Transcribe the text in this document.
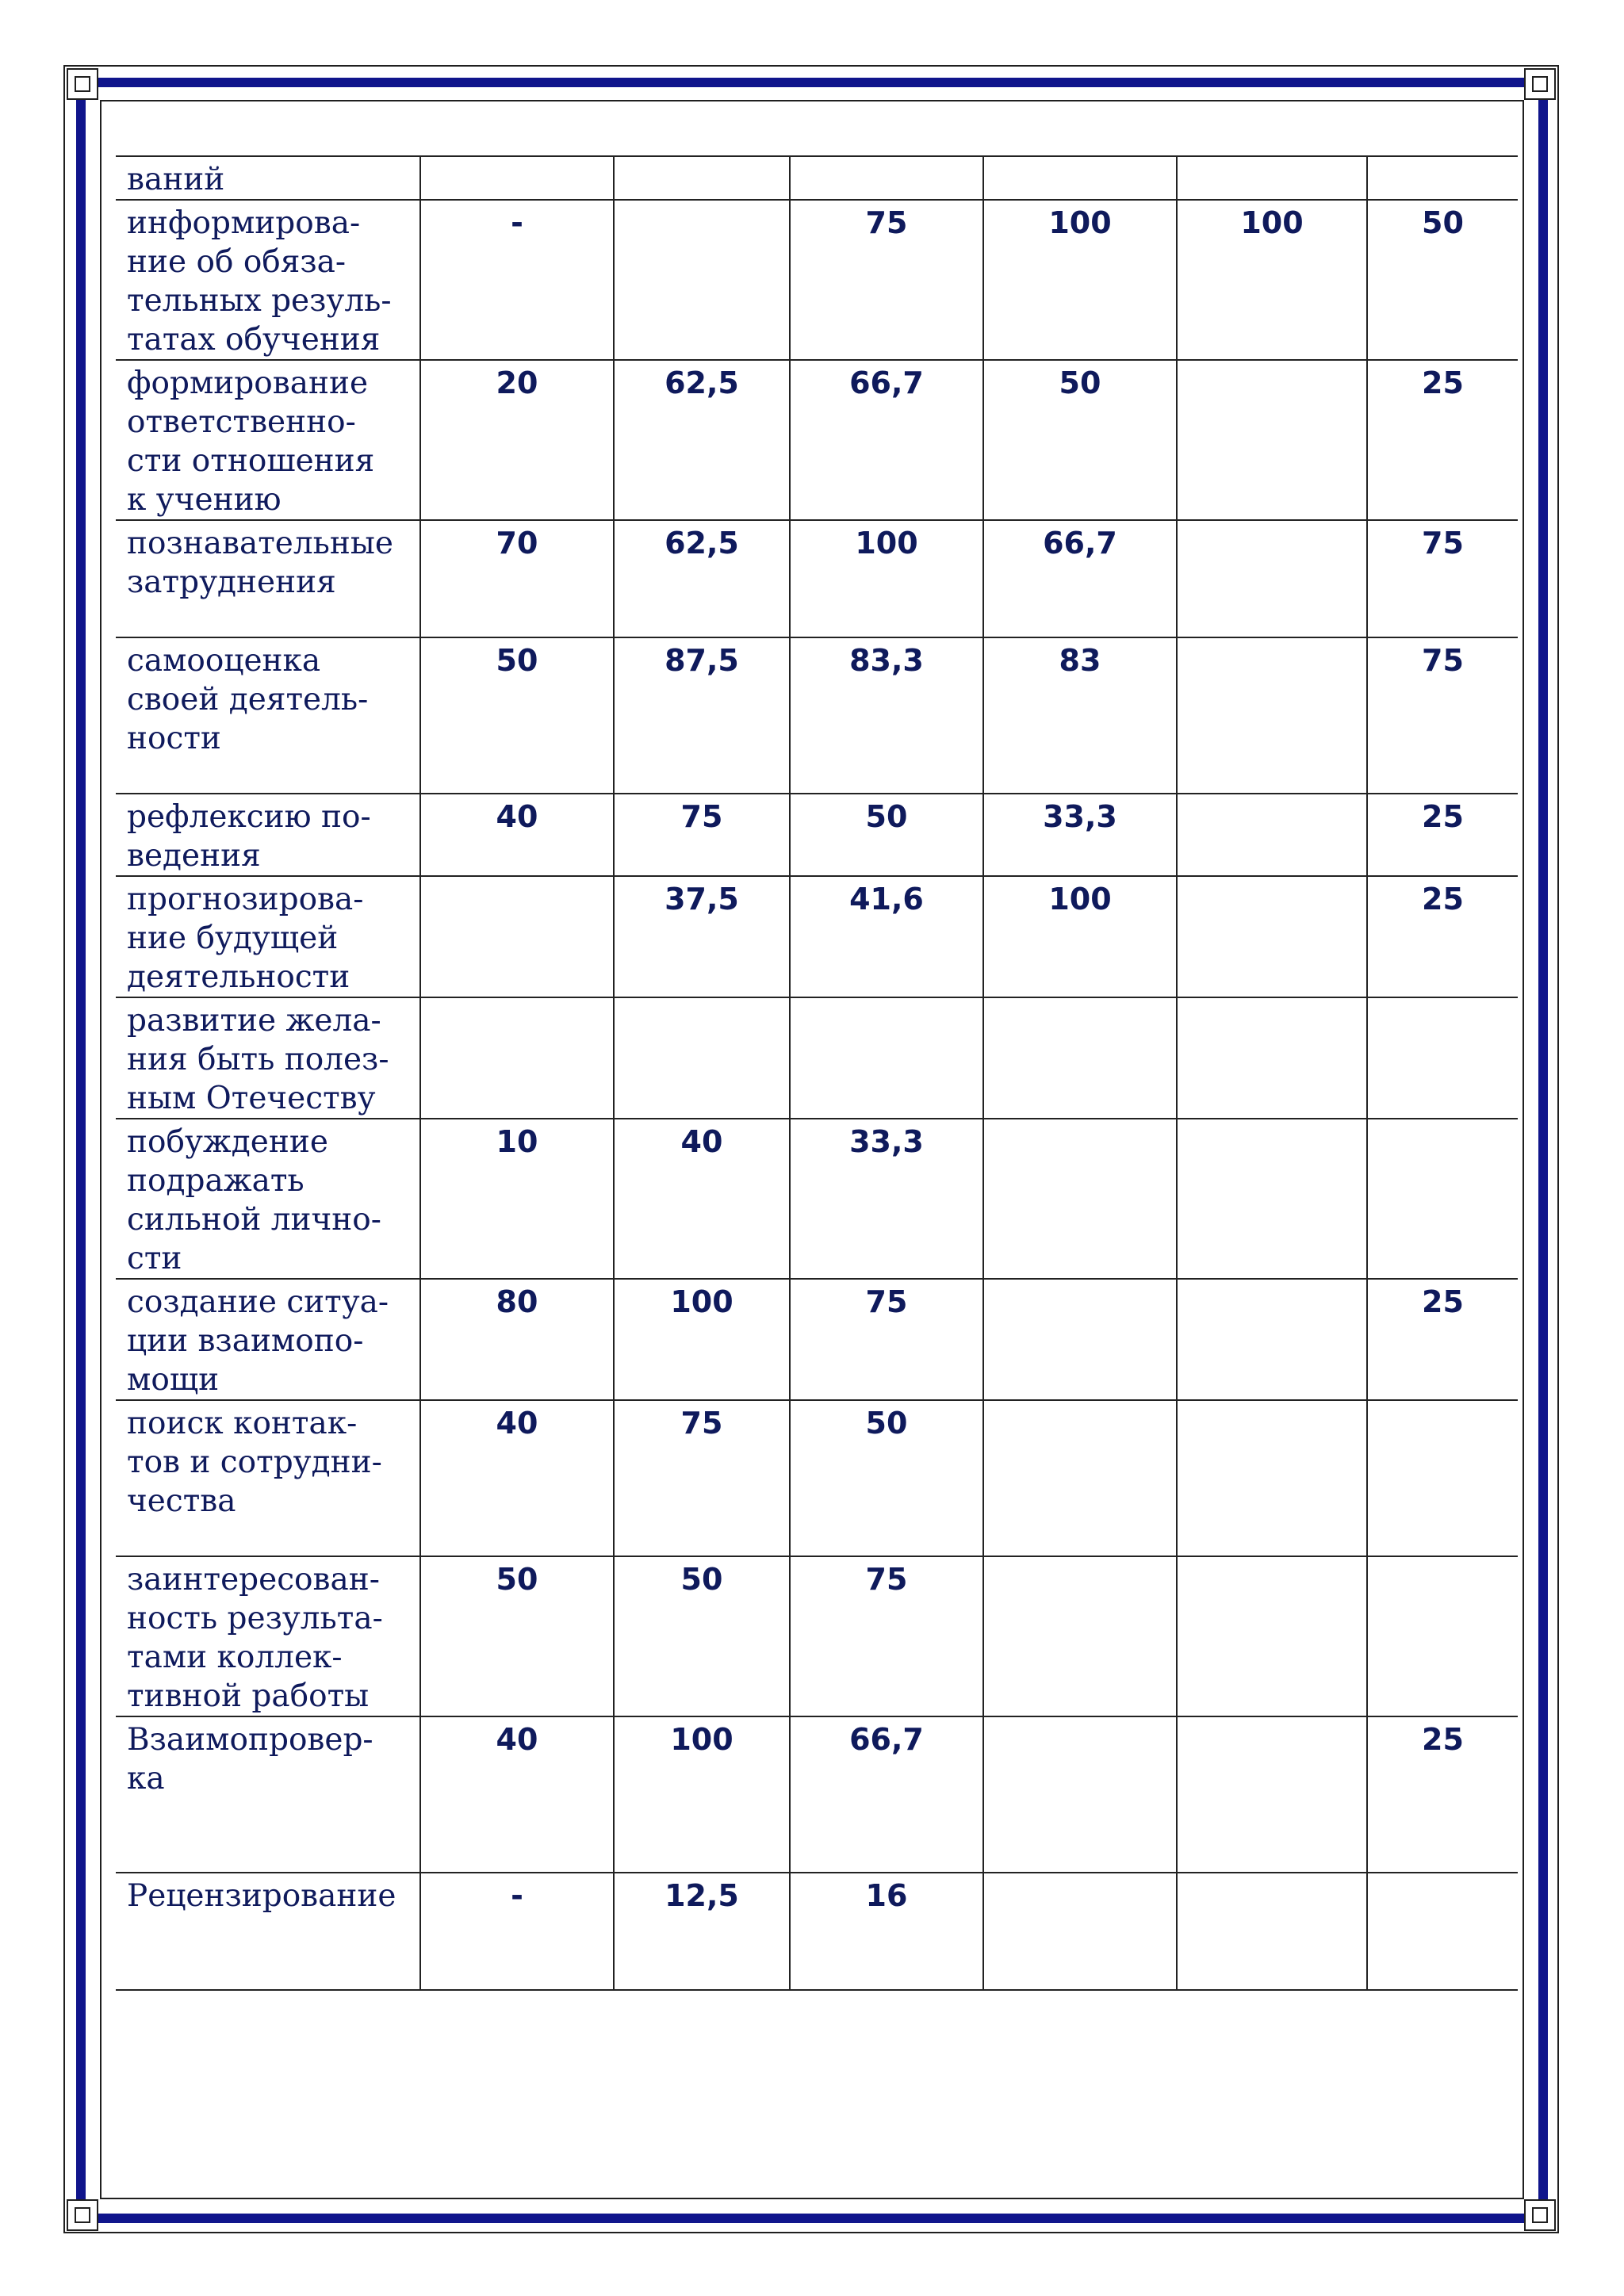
ваний						

информирова-
ние об обяза-
тельных резуль-
татах обучения	-		75	100	100	50

формирование
ответственно-
сти отношения
к учению	20	62,5	66,7	50		25

познавательные
затруднения	70	62,5	100	66,7		75

самооценка
своей деятель-
ности	50	87,5	83,3	83		75

рефлексию по-
ведения	40	75	50	33,3		25

прогнозирова-
ние будущей
деятельности		37,5	41,6	100		25

развитие жела-
ния быть полез-
ным Отечеству						

побуждение
подражать
сильной лично-
сти	10	40	33,3			

создание ситуа-
ции взаимопо-
мощи	80	100	75			25

поиск контак-
тов и сотрудни-
чества	40	75	50			

заинтересован-
ность результа-
тами коллек-
тивной работы	50	50	75			

Взаимопровер-
ка	40	100	66,7			25

Рецензирование	-	12,5	16			
